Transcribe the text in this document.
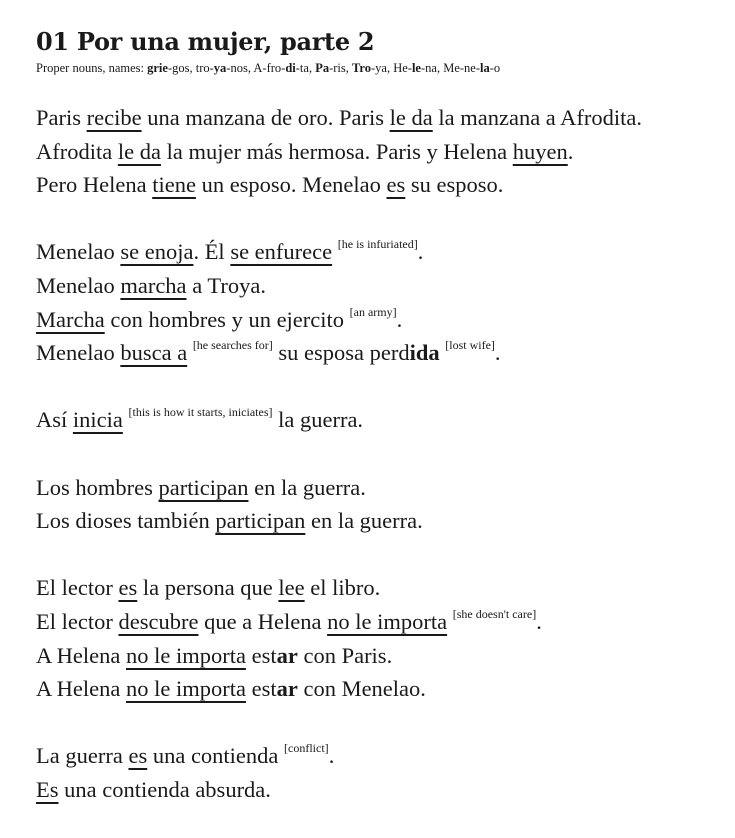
01 Por una mujer, parte 2
Proper nouns, names: grie-gos, tro-ya-nos, A-fro-di-ta, Pa-ris, Tro-ya, He-le-na, Me-ne-la-o
Paris recibe una manzana de oro. Paris le da la manzana a Afrodita.
Afrodita le da la mujer más hermosa. Paris y Helena huyen.
Pero Helena tiene un esposo. Menelao es su esposo.
Menelao se enoja. Él se enfurece [he is infuriated].
Menelao marcha a Troya.
Marcha con hombres y un ejercito [an army].
Menelao busca a [he searches for] su esposa perdida [lost wife].
Así inicia [this is how it starts, iniciates] la guerra.
Los hombres participan en la guerra.
Los dioses también participan en la guerra.
El lector es la persona que lee el libro.
El lector descubre que a Helena no le importa [she doesn't care].
A Helena no le importa estar con Paris.
A Helena no le importa estar con Menelao.
La guerra es una contienda [conflict].
Es una contienda absurda.
